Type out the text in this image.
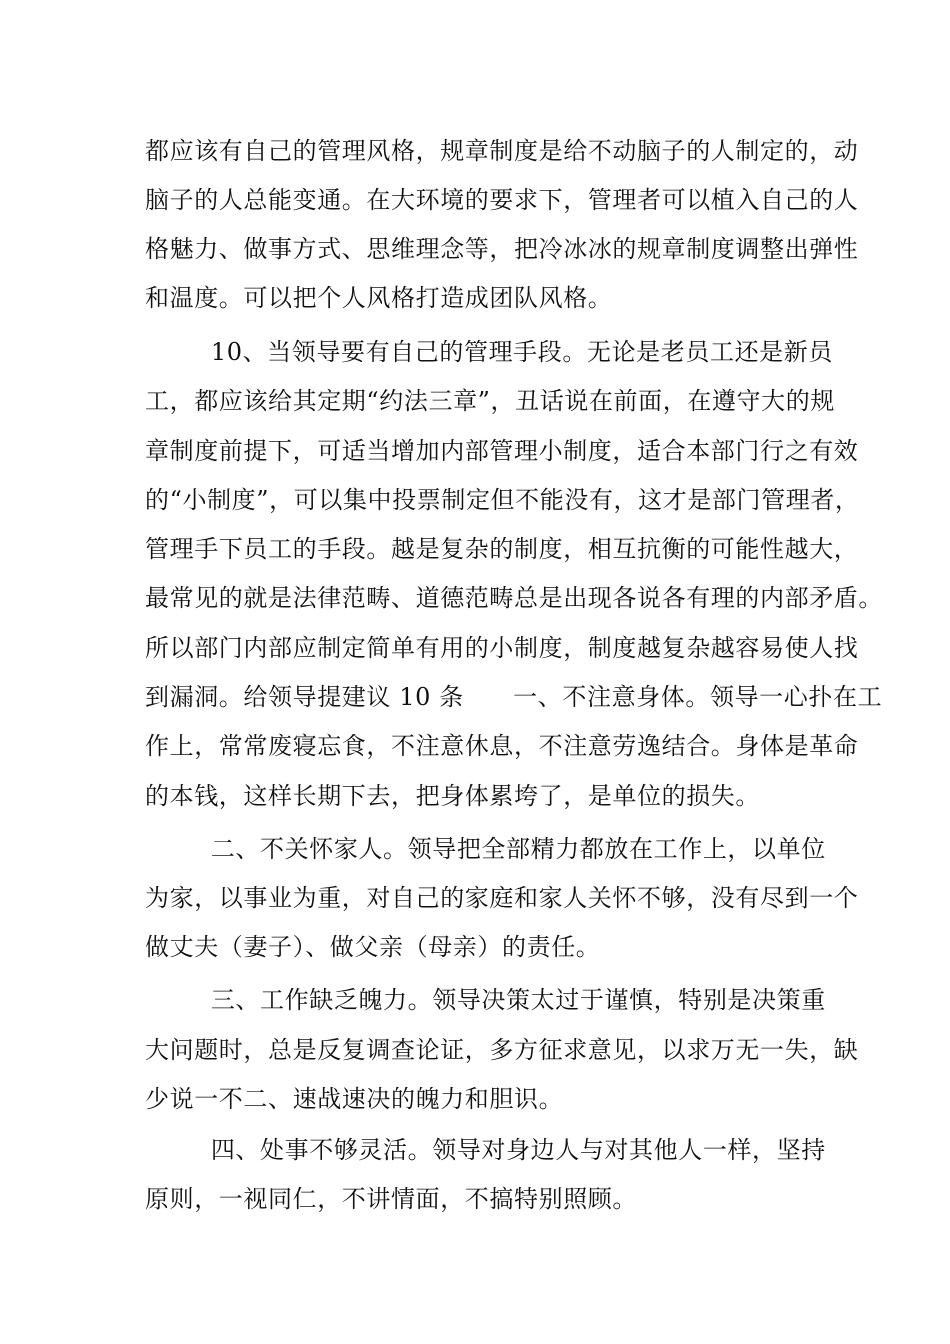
都应该有自己的管理风格，规章制度是给不动脑子的人制定的，动
脑子的人总能变通。在大环境的要求下，管理者可以植入自己的人
格魅力、做事方式、思维理念等，把冷冰冰的规章制度调整出弹性
和温度。可以把个人风格打造成团队风格。
10、当领导要有自己的管理手段。无论是老员工还是新员
工，都应该给其定期“约法三章”，丑话说在前面，在遵守大的规
章制度前提下，可适当增加内部管理小制度，适合本部门行之有效
的“小制度”，可以集中投票制定但不能没有，这才是部门管理者，
管理手下员工的手段。越是复杂的制度，相互抗衡的可能性越大，
最常见的就是法律范畴、道德范畴总是出现各说各有理的内部矛盾。
所以部门内部应制定简单有用的小制度，制度越复杂越容易使人找
到漏洞。给领导提建议 10 条      一、不注意身体。领导一心扑在工
作上，常常废寝忘食，不注意休息，不注意劳逸结合。身体是革命
的本钱，这样长期下去，把身体累垮了，是单位的损失。
二、不关怀家人。领导把全部精力都放在工作上，以单位
为家，以事业为重，对自己的家庭和家人关怀不够，没有尽到一个
做丈夫（妻子）、做父亲（母亲）的责任。
三、工作缺乏魄力。领导决策太过于谨慎，特别是决策重
大问题时，总是反复调查论证，多方征求意见，以求万无一失，缺
少说一不二、速战速决的魄力和胆识。
四、处事不够灵活。领导对身边人与对其他人一样，坚持
原则，一视同仁，不讲情面，不搞特别照顾。
